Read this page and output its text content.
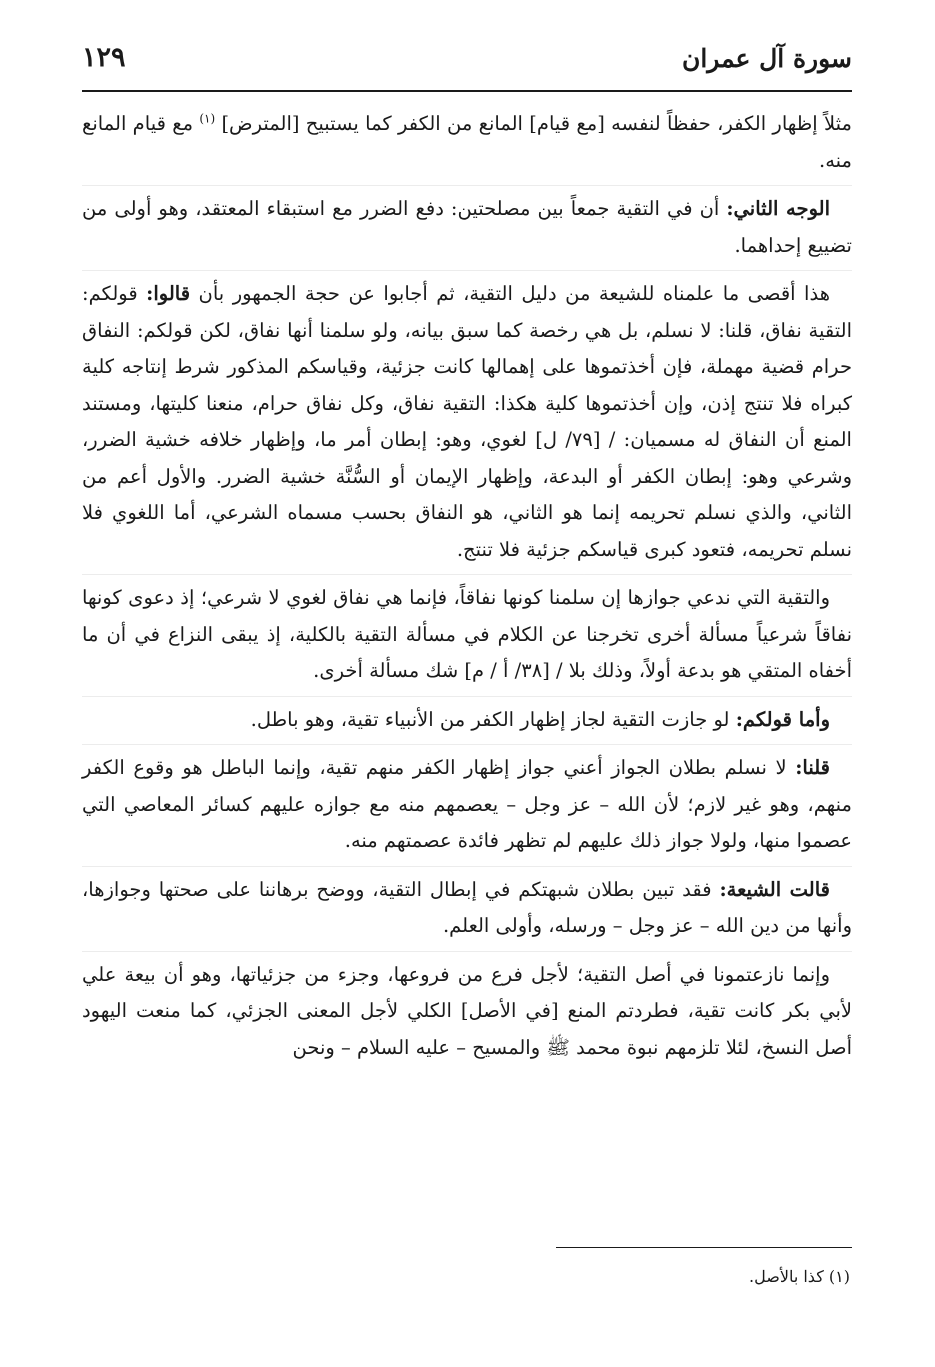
سورة آل عمران
١٢٩

مثلاً إظهار الكفر، حفظاً لنفسه [مع قيام] المانع من الكفر كما يستبيح [المترض] $^{(١)}$ مع قيام المانع منه.

الوجه الثاني: أن في التقية جمعاً بين مصلحتين: دفع الضرر مع استبقاء المعتقد، وهو أولى من تضييع إحداهما.

هذا أقصى ما علمناه للشيعة من دليل التقية، ثم أجابوا عن حجة الجمهور بأن قالوا: قولكم: التقية نفاق، قلنا: لا نسلم، بل هي رخصة كما سبق بيانه، ولو سلمنا أنها نفاق، لكن قولكم: النفاق حرام قضية مهملة، فإن أخذتموها على إهمالها كانت جزئية، وقياسكم المذكور شرط إنتاجه كلية كبراه فلا تنتج إذن، وإن أخذتموها كلية هكذا: التقية نفاق، وكل نفاق حرام، منعنا كليتها، ومستند المنع أن النفاق له مسميان: / [٧٩/ ل] لغوي، وهو: إبطان أمر ما، وإظهار خلافه خشية الضرر، وشرعي وهو: إبطان الكفر أو البدعة، وإظهار الإيمان أو السُّنَّة خشية الضرر. والأول أعم من الثاني، والذي نسلم تحريمه إنما هو الثاني، هو النفاق بحسب مسماه الشرعي، أما اللغوي فلا نسلم تحريمه، فتعود كبرى قياسكم جزئية فلا تنتج.

والتقية التي ندعي جوازها إن سلمنا كونها نفاقاً، فإنما هي نفاق لغوي لا شرعي؛ إذ دعوى كونها نفاقاً شرعياً مسألة أخرى تخرجنا عن الكلام في مسألة التقية بالكلية، إذ يبقى النزاع في أن ما أخفاه المتقي هو بدعة أولاً، وذلك بلا / [٣٨/ أ / م] شك مسألة أخرى.

وأما قولكم: لو جازت التقية لجاز إظهار الكفر من الأنبياء تقية، وهو باطل.

قلنا: لا نسلم بطلان الجواز أعني جواز إظهار الكفر منهم تقية، وإنما الباطل هو وقوع الكفر منهم، وهو غير لازم؛ لأن الله – عز وجل – يعصمهم منه مع جوازه عليهم كسائر المعاصي التي عصموا منها، ولولا جواز ذلك عليهم لم تظهر فائدة عصمتهم منه.

قالت الشيعة: فقد تبين بطلان شبهتكم في إبطال التقية، ووضح برهاننا على صحتها وجوازها، وأنها من دين الله – عز وجل – ورسله، وأولى العلم.

وإنما نازعتمونا في أصل التقية؛ لأجل فرع من فروعها، وجزء من جزئياتها، وهو أن بيعة علي لأبي بكر كانت تقية، فطردتم المنع [في الأصل] الكلي لأجل المعنى الجزئي، كما منعت اليهود أصل النسخ، لئلا تلزمهم نبوة محمد ﷺ والمسيح – عليه السلام – ونحن

(١) كذا بالأصل.
